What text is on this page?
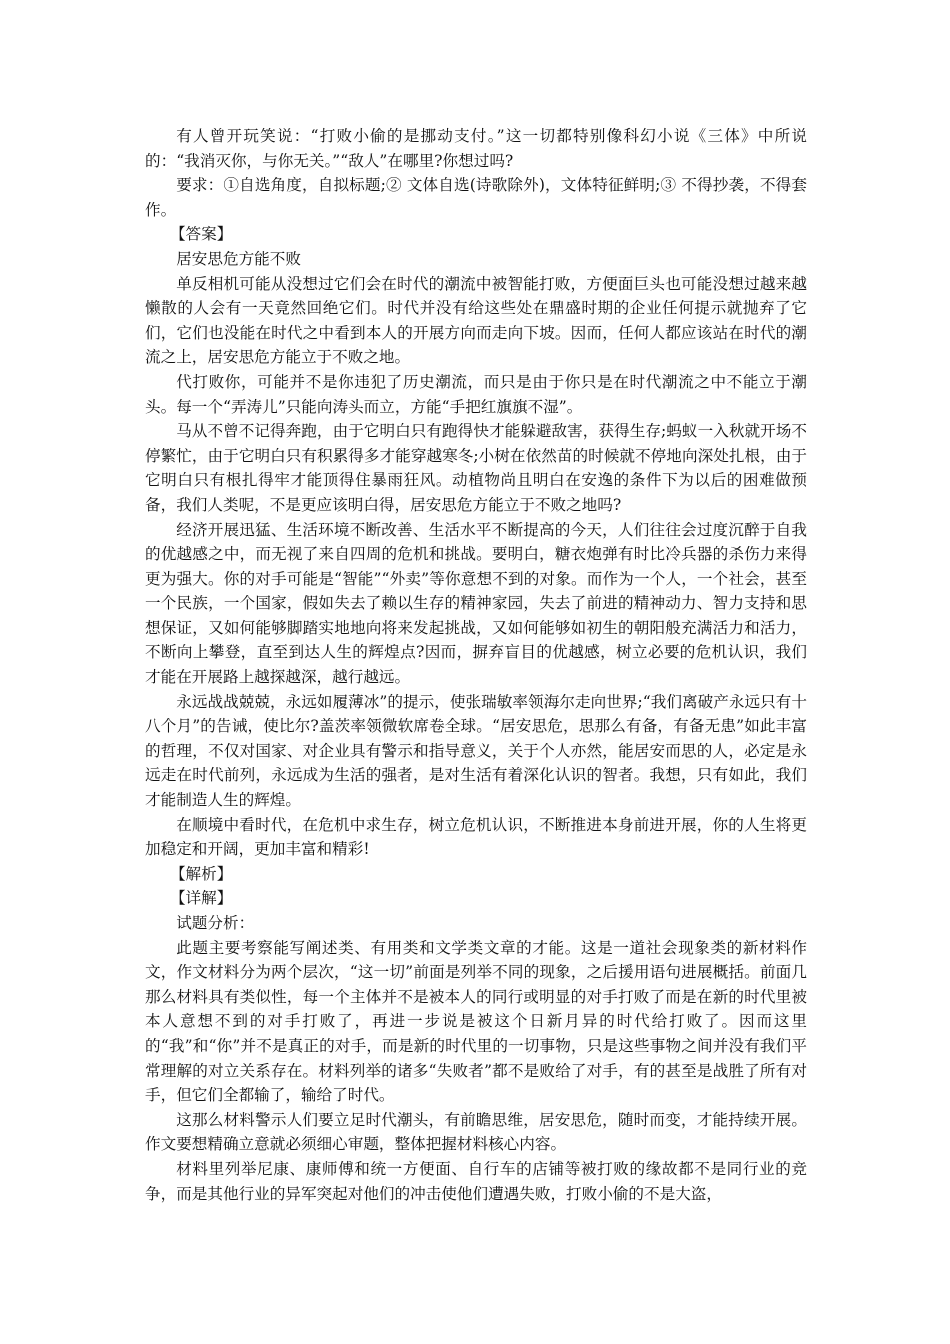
有人曾开玩笑说：“打败小偷的是挪动支付。”这一切都特别像科幻小说《三体》中所说的：“我消灭你，与你无关。”“敌人”在哪里?你想过吗?

要求：①自选角度，自拟标题;② 文体自选(诗歌除外)，文体特征鲜明;③ 不得抄袭，不得套作。

【答案】

居安思危方能不败

单反相机可能从没想过它们会在时代的潮流中被智能打败，方便面巨头也可能没想过越来越懒散的人会有一天竟然回绝它们。时代并没有给这些处在鼎盛时期的企业任何提示就抛弃了它们，它们也没能在时代之中看到本人的开展方向而走向下坡。因而，任何人都应该站在时代的潮流之上，居安思危方能立于不败之地。

代打败你，可能并不是你违犯了历史潮流，而只是由于你只是在时代潮流之中不能立于潮头。每一个“弄涛儿”只能向涛头而立，方能“手把红旗旗不湿”。

马从不曾不记得奔跑，由于它明白只有跑得快才能躲避敌害，获得生存;蚂蚁一入秋就开场不停繁忙，由于它明白只有积累得多才能穿越寒冬;小树在依然苗的时候就不停地向深处扎根，由于它明白只有根扎得牢才能顶得住暴雨狂风。动植物尚且明白在安逸的条件下为以后的困难做预备，我们人类呢，不是更应该明白得，居安思危方能立于不败之地吗?

经济开展迅猛、生活环境不断改善、生活水平不断提高的今天，人们往往会过度沉醉于自我的优越感之中，而无视了来自四周的危机和挑战。要明白，糖衣炮弹有时比冷兵器的杀伤力来得更为强大。你的对手可能是“智能”“外卖”等你意想不到的对象。而作为一个人，一个社会，甚至一个民族，一个国家，假如失去了赖以生存的精神家园，失去了前进的精神动力、智力支持和思想保证，又如何能够脚踏实地地向将来发起挑战，又如何能够如初生的朝阳般充满活力和活力，不断向上攀登，直至到达人生的辉煌点?因而，摒弃盲目的优越感，树立必要的危机认识，我们才能在开展路上越探越深，越行越远。

永远战战兢兢，永远如履薄冰”的提示，使张瑞敏率领海尔走向世界;“我们离破产永远只有十八个月”的告诫，使比尔?盖茨率领微软席卷全球。“居安思危，思那么有备，有备无患”如此丰富的哲理，不仅对国家、对企业具有警示和指导意义，关于个人亦然，能居安而思的人，必定是永远走在时代前列，永远成为生活的强者，是对生活有着深化认识的智者。我想，只有如此，我们才能制造人生的辉煌。

在顺境中看时代，在危机中求生存，树立危机认识，不断推进本身前进开展，你的人生将更加稳定和开阔，更加丰富和精彩!

【解析】

【详解】

试题分析：

此题主要考察能写阐述类、有用类和文学类文章的才能。这是一道社会现象类的新材料作文，作文材料分为两个层次，“这一切”前面是列举不同的现象，之后援用语句进展概括。前面几那么材料具有类似性，每一个主体并不是被本人的同行或明显的对手打败了而是在新的时代里被本人意想不到的对手打败了，再进一步说是被这个日新月异的时代给打败了。因而这里的“我”和“你”并不是真正的对手，而是新的时代里的一切事物，只是这些事物之间并没有我们平常理解的对立关系存在。材料列举的诸多“失败者”都不是败给了对手，有的甚至是战胜了所有对手，但它们全都输了，输给了时代。

这那么材料警示人们要立足时代潮头，有前瞻思维，居安思危，随时而变，才能持续开展。作文要想精确立意就必须细心审题，整体把握材料核心内容。

材料里列举尼康、康师傅和统一方便面、自行车的店铺等被打败的缘故都不是同行业的竞争，而是其他行业的异军突起对他们的冲击使他们遭遇失败，打败小偷的不是大盗，
